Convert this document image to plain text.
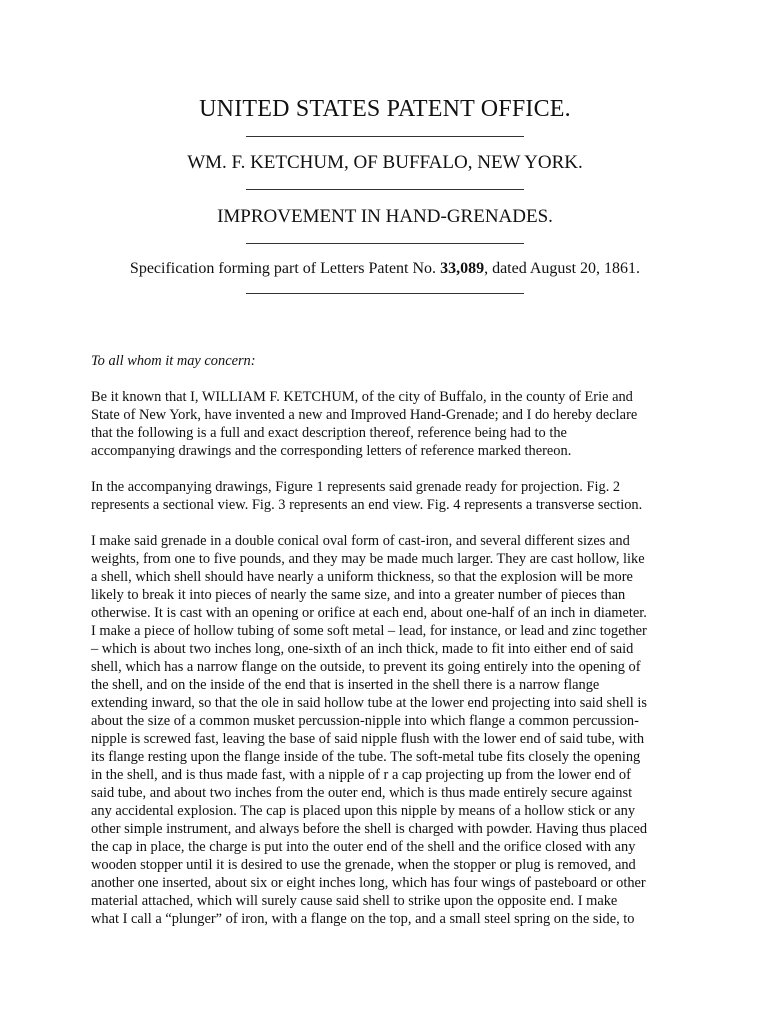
UNITED STATES PATENT OFFICE.
WM. F. KETCHUM, OF BUFFALO, NEW YORK.
IMPROVEMENT IN HAND-GRENADES.
Specification forming part of Letters Patent No. 33,089, dated August 20, 1861.
To all whom it may concern:

Be it known that I, WILLIAM F. KETCHUM, of the city of Buffalo, in the county of Erie and
State of New York, have invented a new and Improved Hand-Grenade; and I do hereby declare
that the following is a full and exact description thereof, reference being had to the
accompanying drawings and the corresponding letters of reference marked thereon.

In the accompanying drawings, Figure 1 represents said grenade ready for projection. Fig. 2
represents a sectional view. Fig. 3 represents an end view. Fig. 4 represents a transverse section.

I make said grenade in a double conical oval form of cast-iron, and several different sizes and
weights, from one to five pounds, and they may be made much larger. They are cast hollow, like
a shell, which shell should have nearly a uniform thickness, so that the explosion will be more
likely to break it into pieces of nearly the same size, and into a greater number of pieces than
otherwise. It is cast with an opening or orifice at each end, about one-half of an inch in diameter.
I make a piece of hollow tubing of some soft metal – lead, for instance, or lead and zinc together
– which is about two inches long, one-sixth of an inch thick, made to fit into either end of said
shell, which has a narrow flange on the outside, to prevent its going entirely into the opening of
the shell, and on the inside of the end that is inserted in the shell there is a narrow flange
extending inward, so that the ole in said hollow tube at the lower end projecting into said shell is
about the size of a common musket percussion-nipple into which flange a common percussion-
nipple is screwed fast, leaving the base of said nipple flush with the lower end of said tube, with
its flange resting upon the flange inside of the tube. The soft-metal tube fits closely the opening
in the shell, and is thus made fast, with a nipple of r a cap projecting up from the lower end of
said tube, and about two inches from the outer end, which is thus made entirely secure against
any accidental explosion. The cap is placed upon this nipple by means of a hollow stick or any
other simple instrument, and always before the shell is charged with powder. Having thus placed
the cap in place, the charge is put into the outer end of the shell and the orifice closed with any
wooden stopper until it is desired to use the grenade, when the stopper or plug is removed, and
another one inserted, about six or eight inches long, which has four wings of pasteboard or other
material attached, which will surely cause said shell to strike upon the opposite end. I make
what I call a “plunger” of iron, with a flange on the top, and a small steel spring on the side, to
